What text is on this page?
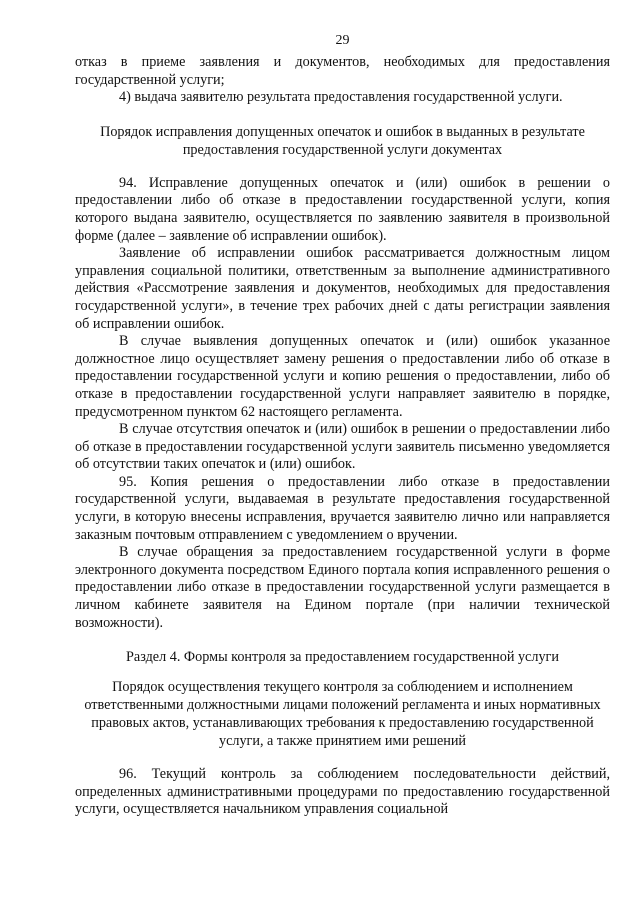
29

отказ в приеме заявления и документов, необходимых для предоставления государственной услуги;

4) выдача заявителю результата предоставления государственной услуги.

Порядок исправления допущенных опечаток и ошибок в выданных в результате предоставления государственной услуги документах

94. Исправление допущенных опечаток и (или) ошибок в решении о предоставлении либо об отказе в предоставлении государственной услуги, копия которого выдана заявителю, осуществляется по заявлению заявителя в произвольной форме (далее – заявление об исправлении ошибок).

Заявление об исправлении ошибок рассматривается должностным лицом управления социальной политики, ответственным за выполнение административного действия «Рассмотрение заявления и документов, необходимых для предоставления государственной услуги», в течение трех рабочих дней с даты регистрации заявления об исправлении ошибок.

В случае выявления допущенных опечаток и (или) ошибок указанное должностное лицо осуществляет замену решения о предоставлении либо об отказе в предоставлении государственной услуги и копию решения о предоставлении, либо об отказе в предоставлении государственной услуги направляет заявителю в порядке, предусмотренном пунктом 62 настоящего регламента.

В случае отсутствия опечаток и (или) ошибок в решении о предоставлении либо об отказе в предоставлении государственной услуги заявитель письменно уведомляется об отсутствии таких опечаток и (или) ошибок.

95. Копия решения о предоставлении либо отказе в предоставлении государственной услуги, выдаваемая в результате предоставления государственной услуги, в которую внесены исправления, вручается заявителю лично или направляется заказным почтовым отправлением с уведомлением о вручении.

В случае обращения за предоставлением государственной услуги в форме электронного документа посредством Единого портала копия исправленного решения о предоставлении либо отказе в предоставлении государственной услуги размещается в личном кабинете заявителя на Едином портале (при наличии технической возможности).

Раздел 4. Формы контроля за предоставлением государственной услуги

Порядок осуществления текущего контроля за соблюдением и исполнением ответственными должностными лицами положений регламента и иных нормативных правовых актов, устанавливающих требования к предоставлению государственной услуги, а также принятием ими решений

96. Текущий контроль за соблюдением последовательности действий, определенных административными процедурами по предоставлению государственной услуги, осуществляется начальником управления социальной
